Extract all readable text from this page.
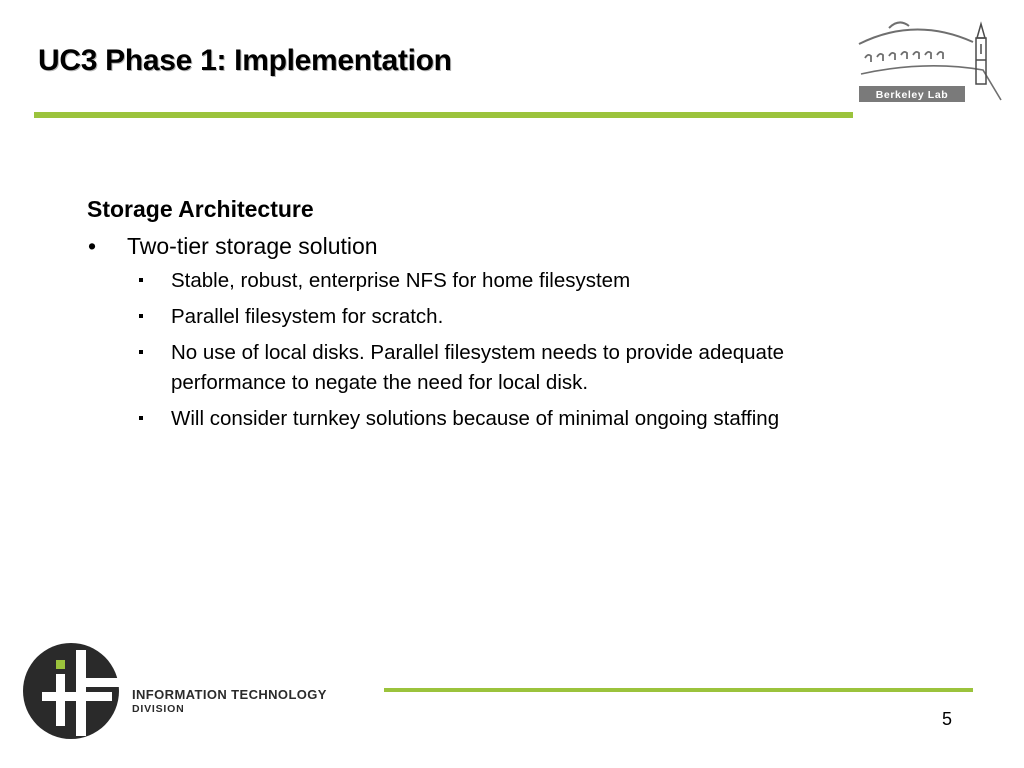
UC3 Phase 1: Implementation
Berkeley Lab

Storage Architecture

•	Two-tier storage solution
Stable, robust, enterprise NFS for home filesystem
Parallel filesystem for scratch.
No use of local disks. Parallel filesystem needs to provide adequate performance to negate the need for local disk.
Will consider turnkey solutions because of minimal ongoing staffing
INFORMATION TECHNOLOGY
DIVISION	5
